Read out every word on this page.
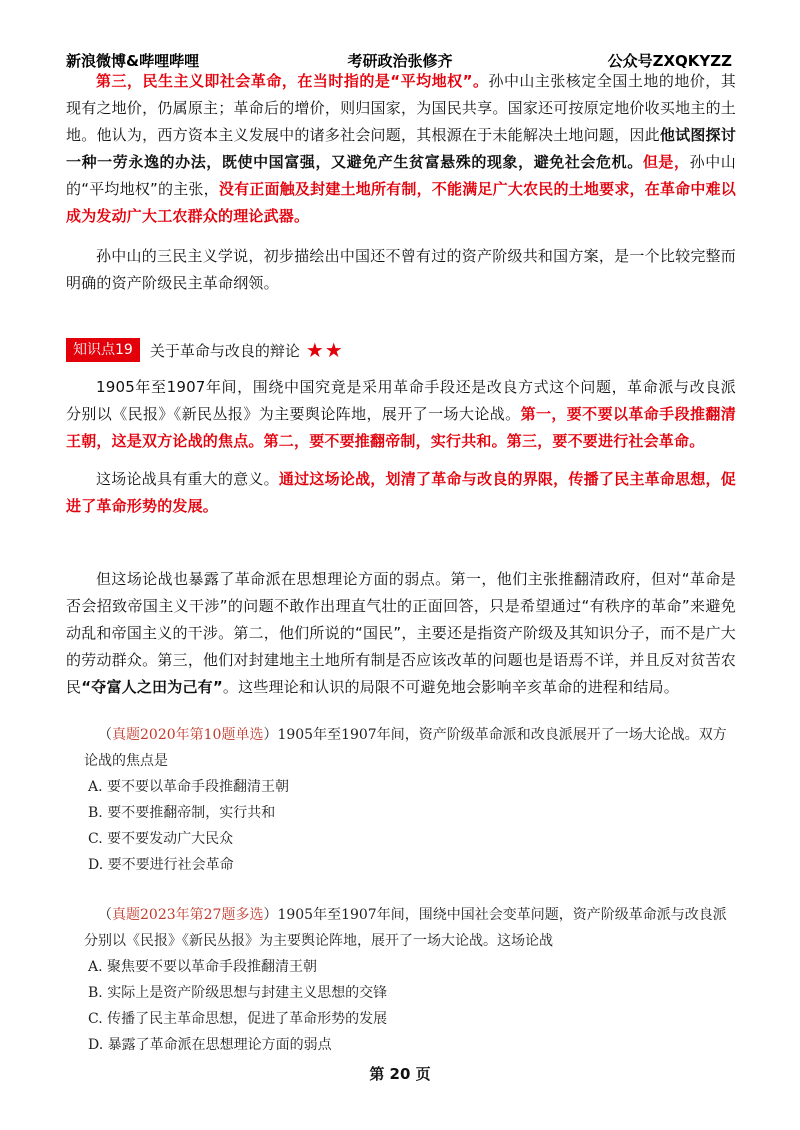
新浪微博&哔哩哔哩	考研政治张修齐	公众号ZXQKYZZ
第三，民生主义即社会革命，在当时指的是“平均地权”。孙中山主张核定全国土地的地价，其现有之地价，仍属原主；革命后的增价，则归国家，为国民共享。国家还可按原定地价收买地主的土地。他认为，西方资本主义发展中的诸多社会问题，其根源在于未能解决土地问题，因此他试图探讨一种一劳永逸的办法，既使中国富强，又避免产生贫富悬殊的现象，避免社会危机。但是，孙中山的“平均地权”的主张，没有正面触及封建土地所有制，不能满足广大农民的土地要求，在革命中难以成为发动广大工农群众的理论武器。
孙中山的三民主义学说，初步描绘出中国还不曾有过的资产阶级共和国方案，是一个比较完整而明确的资产阶级民主革命纲领。
知识点19	关于革命与改良的辩论 ★★
1905年至1907年间，围绕中国究竟是采用革命手段还是改良方式这个问题，革命派与改良派分别以《民报》《新民丛报》为主要舆论阵地，展开了一场大论战。第一，要不要以革命手段推翻清王朝，这是双方论战的焦点。第二，要不要推翻帝制，实行共和。第三，要不要进行社会革命。
这场论战具有重大的意义。通过这场论战，划清了革命与改良的界限，传播了民主革命思想，促进了革命形势的发展。
但这场论战也暴露了革命派在思想理论方面的弱点。第一，他们主张推翻清政府，但对“革命是否会招致帝国主义干涉”的问题不敢作出理直气壮的正面回答，只是希望通过“有秩序的革命”来避免动乱和帝国主义的干涉。第二，他们所说的“国民”，主要还是指资产阶级及其知识分子，而不是广大的劳动群众。第三，他们对封建地主土地所有制是否应该改革的问题也是语焉不详，并且反对贫苦农民“夺富人之田为己有”。这些理论和认识的局限不可避免地会影响辛亥革命的进程和结局。
（真题2020年第10题单选）1905年至1907年间，资产阶级革命派和改良派展开了一场大论战。双方论战的焦点是
A. 要不要以革命手段推翻清王朝
B. 要不要推翻帝制，实行共和
C. 要不要发动广大民众
D. 要不要进行社会革命
（真题2023年第27题多选）1905年至1907年间，围绕中国社会变革问题，资产阶级革命派与改良派分别以《民报》《新民丛报》为主要舆论阵地，展开了一场大论战。这场论战
A. 聚焦要不要以革命手段推翻清王朝
B. 实际上是资产阶级思想与封建主义思想的交锋
C. 传播了民主革命思想，促进了革命形势的发展
D. 暴露了革命派在思想理论方面的弱点
第 20 页
